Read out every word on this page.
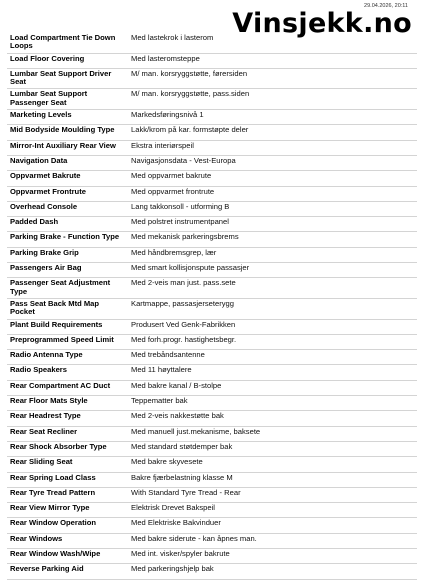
29.04.2026, 20:11
Vinsjekk.no
Load Compartment Tie Down Loops	Med lastekrok i lasterom
Load Floor Covering	Med lasteromsteppe
Lumbar Seat Support Driver Seat	M/ man. korsryggstøtte, førersiden
Lumbar Seat Support Passenger Seat	M/ man. korsryggstøtte, pass.siden
Marketing Levels	Markedsføringsnivå 1
Mid Bodyside Moulding Type	Lakk/krom på kar. formstøpte deler
Mirror-Int Auxiliary Rear View	Ekstra interiørspeil
Navigation Data	Navigasjonsdata - Vest-Europa
Oppvarmet Bakrute	Med oppvarmet bakrute
Oppvarmet Frontrute	Med oppvarmet frontrute
Overhead Console	Lang takkonsoll - utforming B
Padded Dash	Med polstret instrumentpanel
Parking Brake - Function Type	Med mekanisk parkeringsbrems
Parking Brake Grip	Med håndbremsgrep, lær
Passengers Air Bag	Med smart kollisjonspute passasjer
Passenger Seat Adjustment Type	Med 2-veis man just. pass.sete
Pass Seat Back Mtd Map Pocket	Kartmappe, passasjerseterygg
Plant Build Requirements	Produsert Ved Genk-Fabrikken
Preprogrammed Speed Limit	Med forh.progr. hastighetsbegr.
Radio Antenna Type	Med trebåndsantenne
Radio Speakers	Med 11 høyttalere
Rear Compartment AC Duct	Med bakre kanal / B-stolpe
Rear Floor Mats Style	Teppematter bak
Rear Headrest Type	Med 2-veis nakkestøtte bak
Rear Seat Recliner	Med manuell just.mekanisme, baksete
Rear Shock Absorber Type	Med standard støtdemper bak
Rear Sliding Seat	Med bakre skyvesete
Rear Spring Load Class	Bakre fjærbelastning klasse M
Rear Tyre Tread Pattern	With Standard Tyre Tread - Rear
Rear View Mirror Type	Elektrisk Drevet Bakspeil
Rear Window Operation	Med Elektriske Bakvinduer
Rear Windows	Med bakre siderute - kan åpnes man.
Rear Window Wash/Wipe	Med int. visker/spyler bakrute
Reverse Parking Aid	Med parkeringshjelp bak
